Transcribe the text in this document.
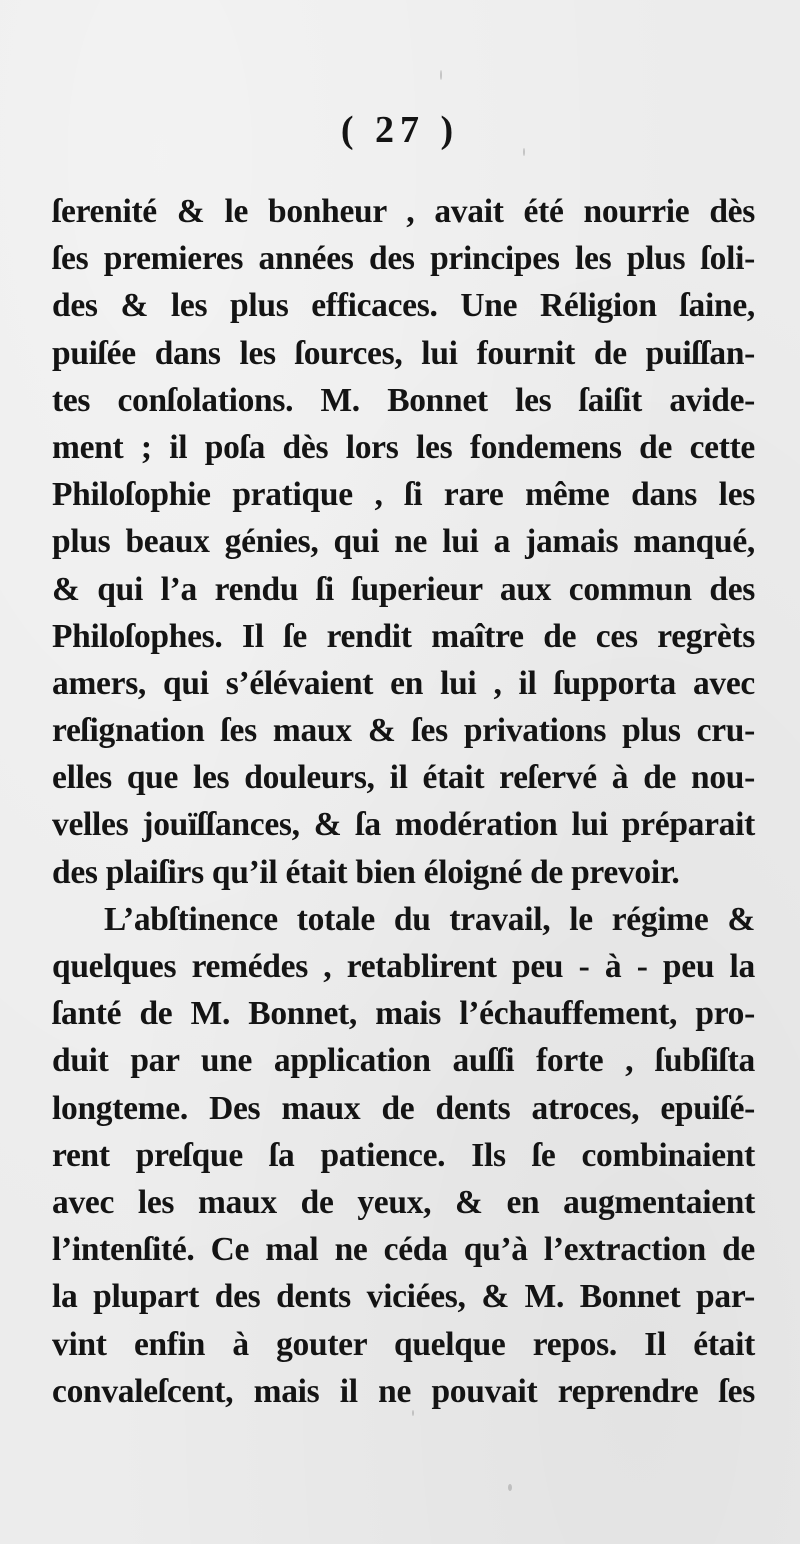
( 27 )
ſerenité & le bonheur , avait été nourrie dès
ſes premieres années des principes les plus ſoli-
des & les plus efficaces. Une Réligion ſaine,
puiſée dans les ſources, lui fournit de puiſſan-
tes conſolations. M. Bonnet les ſaiſit avide-
ment ; il poſa dès lors les fondemens de cette
Philoſophie pratique , ſi rare même dans les
plus beaux génies, qui ne lui a jamais manqué,
& qui l’a rendu ſi ſuperieur aux commun des
Philoſophes. Il ſe rendit maître de ces regrèts
amers, qui s’élévaient en lui , il ſupporta avec
reſignation ſes maux & ſes privations plus cru-
elles que les douleurs, il était reſervé à de nou-
velles jouïſſances, & ſa modération lui préparait
des plaiſirs qu’il était bien éloigné de prevoir.
L’abſtinence totale du travail, le régime &
quelques remédes , retablirent peu - à - peu la
ſanté de M. Bonnet, mais l’échauffement, pro-
duit par une application auſſi forte , ſubſiſta
longteme. Des maux de dents atroces, epuiſé-
rent preſque ſa patience. Ils ſe combinaient
avec les maux de yeux, & en augmentaient
l’intenſité. Ce mal ne céda qu’à l’extraction de
la plupart des dents viciées, & M. Bonnet par-
vint enfin à gouter quelque repos. Il était
convaleſcent, mais il ne pouvait reprendre ſes
